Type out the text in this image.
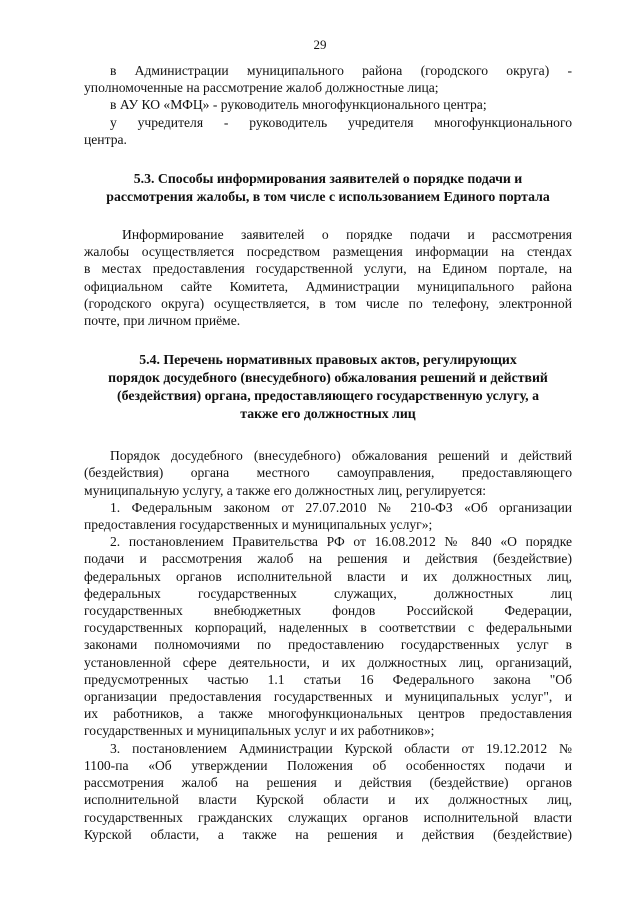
29
в Администрации муниципального района (городского округа) -
уполномоченные на рассмотрение жалоб должностные лица;
в АУ КО «МФЦ» - руководитель многофункционального центра;
у учредителя - руководитель учредителя многофункционального
центра.
5.3. Способы информирования заявителей о порядке подачи и
рассмотрения жалобы, в том числе с использованием Единого портала
Информирование заявителей о порядке подачи и рассмотрения
жалобы осуществляется посредством размещения информации на стендах
в местах предоставления государственной услуги, на Едином портале, на
официальном сайте Комитета, Администрации муниципального района
(городского округа) осуществляется, в том числе по телефону, электронной
почте, при личном приёме.
5.4. Перечень нормативных правовых актов, регулирующих
порядок досудебного (внесудебного) обжалования решений и действий
(бездействия) органа, предоставляющего государственную услугу, а
также его должностных лиц
Порядок досудебного (внесудебного) обжалования решений и действий
(бездействия) органа местного самоуправления, предоставляющего
муниципальную услугу, а также его должностных лиц, регулируется:
1. Федеральным законом от 27.07.2010 № 210-ФЗ «Об организации
предоставления государственных и муниципальных услуг»;
2. постановлением Правительства РФ от 16.08.2012 № 840 «О порядке
подачи и рассмотрения жалоб на решения и действия (бездействие)
федеральных органов исполнительной власти и их должностных лиц,
федеральных государственных служащих, должностных лиц
государственных внебюджетных фондов Российской Федерации,
государственных корпораций, наделенных в соответствии с федеральными
законами полномочиями по предоставлению государственных услуг в
установленной сфере деятельности, и их должностных лиц, организаций,
предусмотренных частью 1.1 статьи 16 Федерального закона "Об
организации предоставления государственных и муниципальных услуг", и
их работников, а также многофункциональных центров предоставления
государственных и муниципальных услуг и их работников»;
3. постановлением Администрации Курской области от 19.12.2012 №
1100-па «Об утверждении Положения об особенностях подачи и
рассмотрения жалоб на решения и действия (бездействие) органов
исполнительной власти Курской области и их должностных лиц,
государственных гражданских служащих органов исполнительной власти
Курской области, а также на решения и действия (бездействие)
